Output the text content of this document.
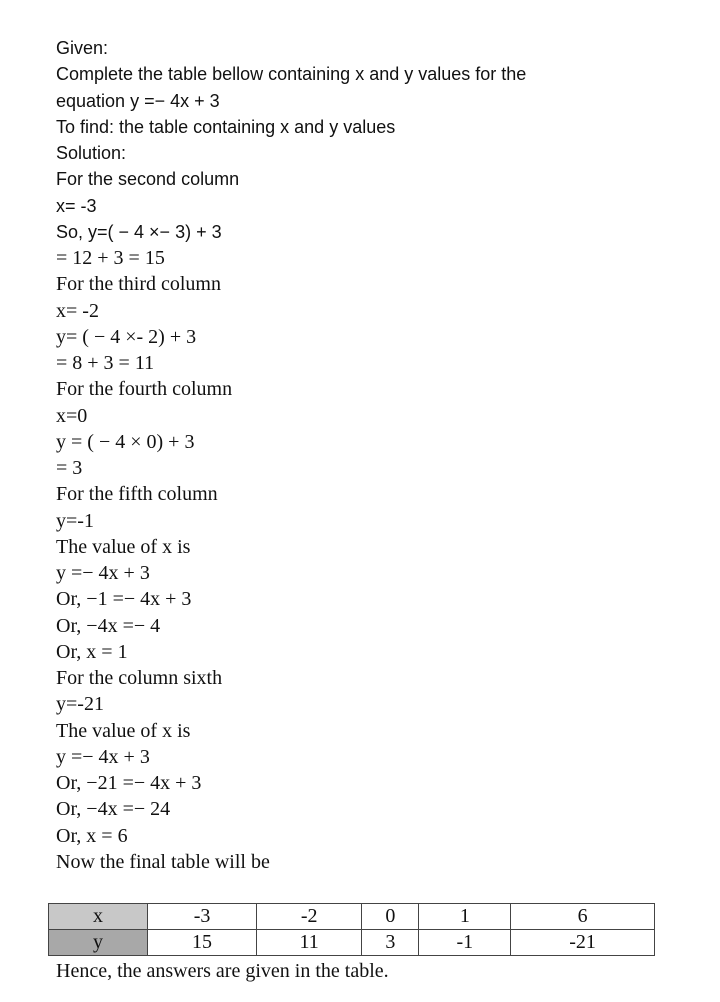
Given:
Complete the table bellow containing x and y values for the
equation y =− 4x + 3
To find: the table containing x and y values
Solution:
For the second column
x= -3
So, y=( − 4 ×− 3) + 3
= 12 + 3 = 15
For the third column
x= -2
y= ( − 4 ×- 2) + 3
= 8 + 3 = 11
For the fourth column
x=0
y = ( − 4 × 0) + 3
= 3
For the fifth column
y=-1
The value of x is
y =− 4x + 3
Or, −1 =− 4x + 3
Or, −4x =− 4
Or, x = 1
For the column sixth
y=-21
The value of x is
y =− 4x + 3
Or, −21 =− 4x + 3
Or, −4x =− 24
Or, x = 6
Now the final table will be
x	-3	-2	0	1	6
y	15	11	3	-1	-21
Hence, the answers are given in the table.
